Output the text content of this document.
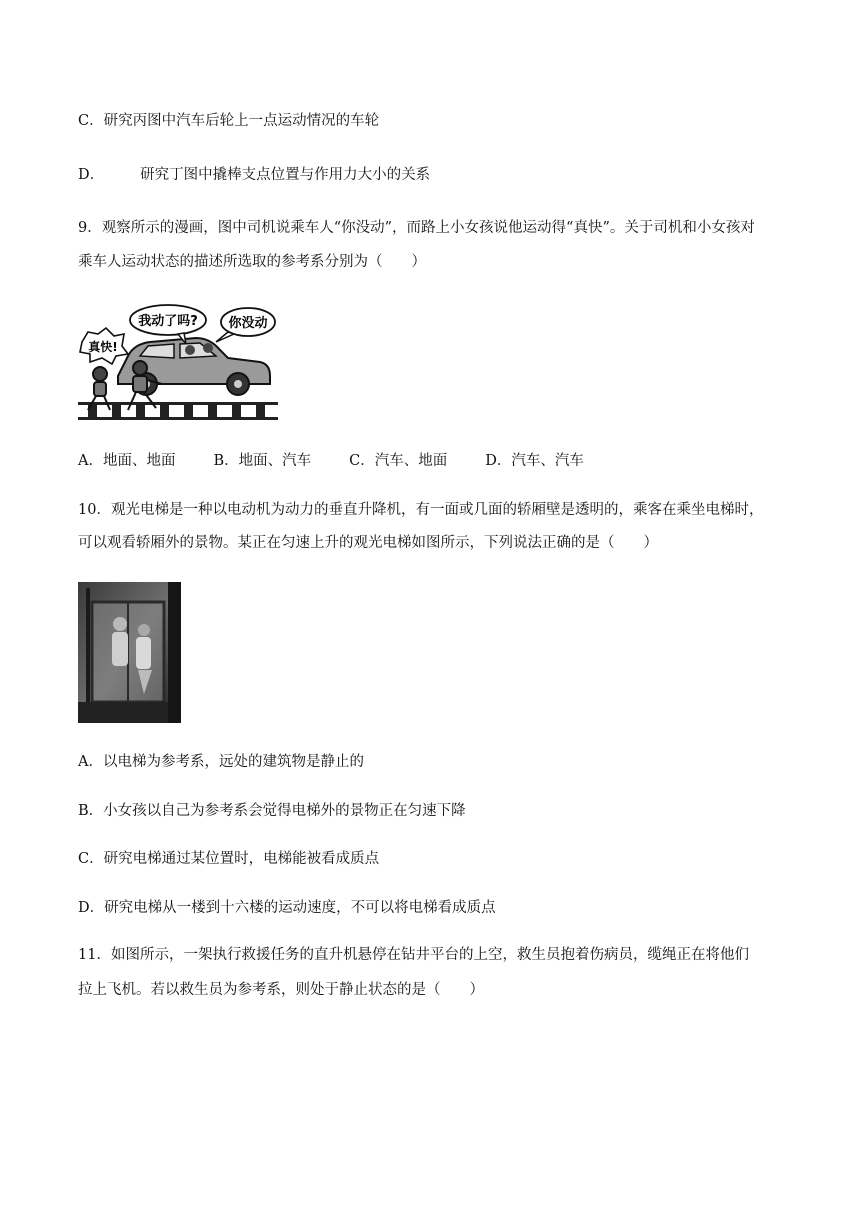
C．研究丙图中汽车后轮上一点运动情况的车轮
D． 研究丁图中撬棒支点位置与作用力大小的关系
9．观察所示的漫画，图中司机说乘车人“你没动”，而路上小女孩说他运动得“真快”。关于司机和小女孩对
乘车人运动状态的描述所选取的参考系分别为（　　）
我动了吗? 你没动
真快!
A．地面、地面	B．地面、汽车	C．汽车、地面	D．汽车、汽车
10．观光电梯是一种以电动机为动力的垂直升降机，有一面或几面的轿厢壁是透明的，乘客在乘坐电梯时，
可以观看轿厢外的景物。某正在匀速上升的观光电梯如图所示，下列说法正确的是（　　）
A．以电梯为参考系，远处的建筑物是静止的
B．小女孩以自己为参考系会觉得电梯外的景物正在匀速下降
C．研究电梯通过某位置时，电梯能被看成质点
D．研究电梯从一楼到十六楼的运动速度，不可以将电梯看成质点
11．如图所示，一架执行救援任务的直升机悬停在钻井平台的上空，救生员抱着伤病员，缆绳正在将他们
拉上飞机。若以救生员为参考系，则处于静止状态的是（　　）
